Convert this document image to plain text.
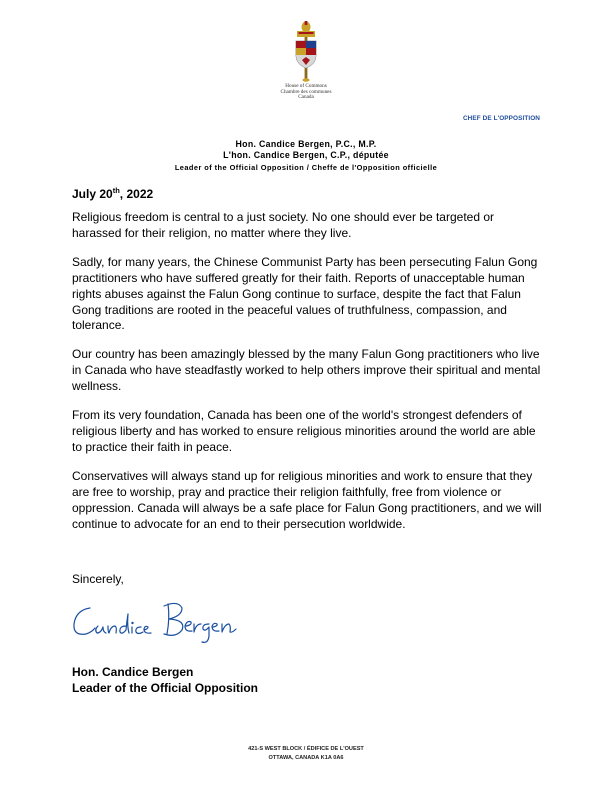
House of Commons
Chambre des communes
Canada
CHEF DE L'OPPOSITION
Hon. Candice Bergen, P.C., M.P.
L'hon. Candice Bergen, C.P., députée
Leader of the Official Opposition / Cheffe de l'Opposition officielle
July 20th, 2022

Religious freedom is central to a just society. No one should ever be targeted or harassed for their religion, no matter where they live.

Sadly, for many years, the Chinese Communist Party has been persecuting Falun Gong practitioners who have suffered greatly for their faith. Reports of unacceptable human rights abuses against the Falun Gong continue to surface, despite the fact that Falun Gong traditions are rooted in the peaceful values of truthfulness, compassion, and tolerance.

Our country has been amazingly blessed by the many Falun Gong practitioners who live in Canada who have steadfastly worked to help others improve their spiritual and mental wellness.

From its very foundation, Canada has been one of the world's strongest defenders of religious liberty and has worked to ensure religious minorities around the world are able to practice their faith in peace.

Conservatives will always stand up for religious minorities and work to ensure that they are free to worship, pray and practice their religion faithfully, free from violence or oppression. Canada will always be a safe place for Falun Gong practitioners, and we will continue to advocate for an end to their persecution worldwide.

Sincerely,
Hon. Candice Bergen
Leader of the Official Opposition
421-S WEST BLOCK / ÉDIFICE DE L'OUEST
OTTAWA, CANADA K1A 0A6
